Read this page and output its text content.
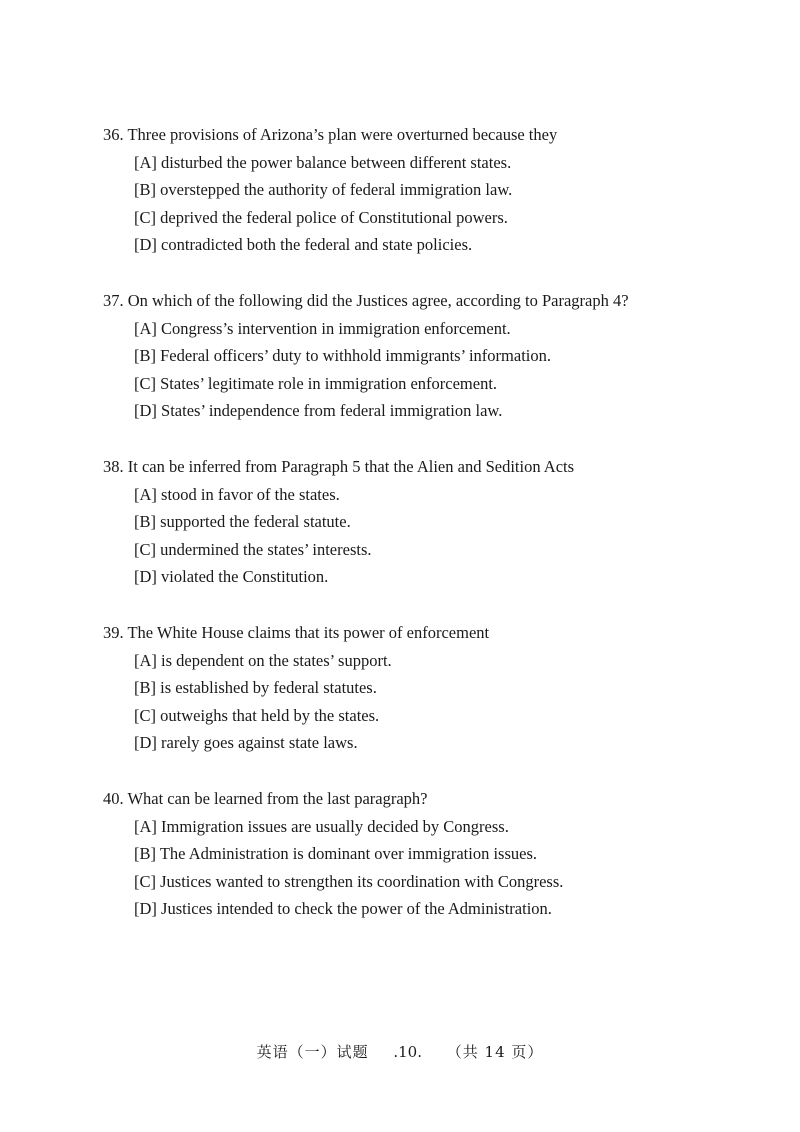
36. Three provisions of Arizona’s plan were overturned because they
[A] disturbed the power balance between different states.
[B] overstepped the authority of federal immigration law.
[C] deprived the federal police of Constitutional powers.
[D] contradicted both the federal and state policies.
37. On which of the following did the Justices agree, according to Paragraph 4?
[A] Congress’s intervention in immigration enforcement.
[B] Federal officers’ duty to withhold immigrants’ information.
[C] States’ legitimate role in immigration enforcement.
[D] States’ independence from federal immigration law.
38. It can be inferred from Paragraph 5 that the Alien and Sedition Acts
[A] stood in favor of the states.
[B] supported the federal statute.
[C] undermined the states’ interests.
[D] violated the Constitution.
39. The White House claims that its power of enforcement
[A] is dependent on the states’ support.
[B] is established by federal statutes.
[C] outweighs that held by the states.
[D] rarely goes against state laws.
40. What can be learned from the last paragraph?
[A] Immigration issues are usually decided by Congress.
[B] The Administration is dominant over immigration issues.
[C] Justices wanted to strengthen its coordination with Congress.
[D] Justices intended to check the power of the Administration.
英语（一）试题 .10. （共 14 页）
